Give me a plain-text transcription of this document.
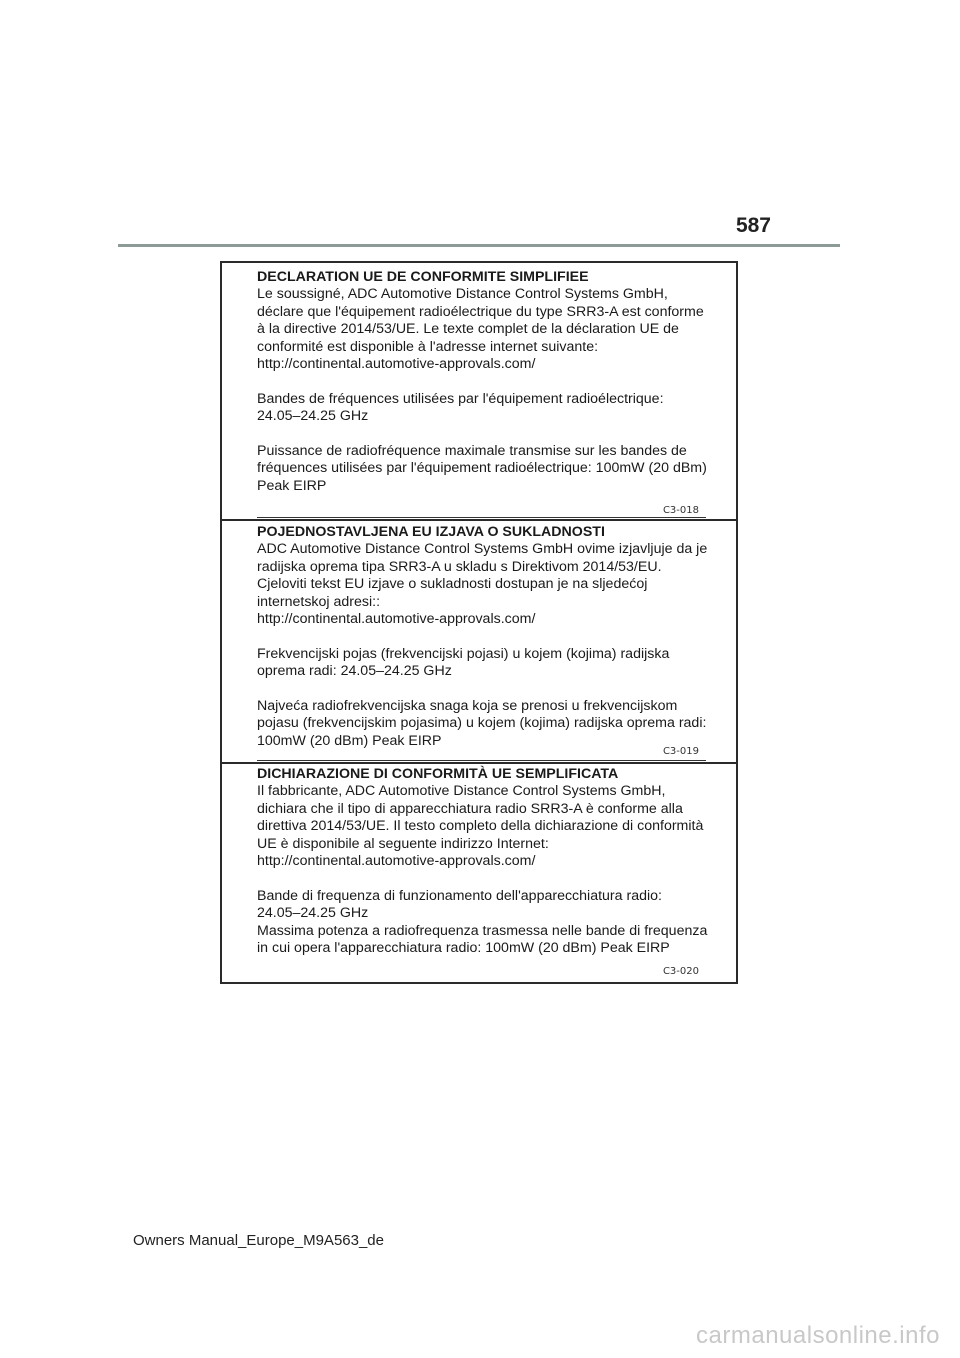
587
DECLARATION UE DE CONFORMITE SIMPLIFIEE
Le soussigné, ADC Automotive Distance Control Systems GmbH,
déclare que l'équipement radioélectrique du type SRR3-A est conforme
à la directive 2014/53/UE. Le texte complet de la déclaration UE de
conformité est disponible à l'adresse internet suivante:
http://continental.automotive-approvals.com/
Bandes de fréquences utilisées par l'équipement radioélectrique:
24.05–24.25 GHz
Puissance de radiofréquence maximale transmise sur les bandes de
fréquences utilisées par l'équipement radioélectrique: 100mW (20 dBm)
Peak EIRP
C3-018
POJEDNOSTAVLJENA EU IZJAVA O SUKLADNOSTI
ADC Automotive Distance Control Systems GmbH ovime izjavljuje da je
radijska oprema tipa SRR3-A u skladu s Direktivom 2014/53/EU.
Cjeloviti tekst EU izjave o sukladnosti dostupan je na sljedećoj
internetskoj adresi::
http://continental.automotive-approvals.com/
Frekvencijski pojas (frekvencijski pojasi) u kojem (kojima) radijska
oprema radi: 24.05–24.25 GHz
Najveća radiofrekvencijska snaga koja se prenosi u frekvencijskom
pojasu (frekvencijskim pojasima) u kojem (kojima) radijska oprema radi:
100mW (20 dBm) Peak EIRP
C3-019
DICHIARAZIONE DI CONFORMITÀ UE SEMPLIFICATA
Il fabbricante, ADC Automotive Distance Control Systems GmbH,
dichiara che il tipo di apparecchiatura radio SRR3-A è conforme alla
direttiva 2014/53/UE. Il testo completo della dichiarazione di conformità
UE è disponibile al seguente indirizzo Internet:
http://continental.automotive-approvals.com/
Bande di frequenza di funzionamento dell'apparecchiatura radio:
24.05–24.25 GHz
Massima potenza a radiofrequenza trasmessa nelle bande di frequenza
in cui opera l'apparecchiatura radio: 100mW (20 dBm) Peak EIRP
C3-020
Owners Manual_Europe_M9A563_de
carmanualsonline.info
